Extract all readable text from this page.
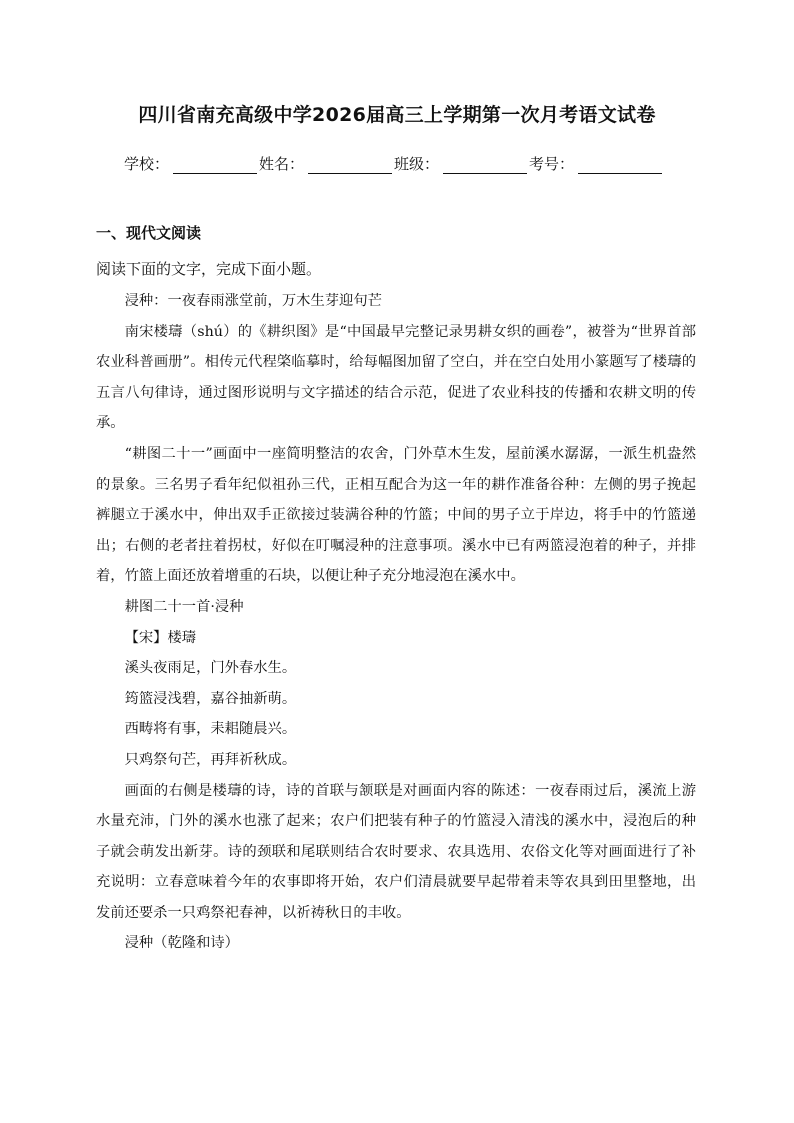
四川省南充高级中学2026届高三上学期第一次月考语文试卷
学校：	姓名：	班级：	考号：
一、现代文阅读
阅读下面的文字，完成下面小题。

浸种：一夜春雨涨堂前，万木生芽迎句芒

南宋楼璹（shú）的《耕织图》是“中国最早完整记录男耕女织的画卷”，被誉为“世界首部农业科普画册”。相传元代程棨临摹时，给每幅图加留了空白，并在空白处用小篆题写了楼璹的五言八句律诗，通过图形说明与文字描述的结合示范，促进了农业科技的传播和农耕文明的传承。

“耕图二十一”画面中一座简明整洁的农舍，门外草木生发，屋前溪水潺潺，一派生机盎然的景象。三名男子看年纪似祖孙三代，正相互配合为这一年的耕作准备谷种：左侧的男子挽起裤腿立于溪水中，伸出双手正欲接过装满谷种的竹篮；中间的男子立于岸边，将手中的竹篮递出；右侧的老者拄着拐杖，好似在叮嘱浸种的注意事项。溪水中已有两篮浸泡着的种子，并排着，竹篮上面还放着增重的石块，以便让种子充分地浸泡在溪水中。

耕图二十一首·浸种

【宋】楼璹

溪头夜雨足，门外春水生。

筠篮浸浅碧，嘉谷抽新萌。

西畴将有事，耒耜随晨兴。

只鸡祭句芒，再拜祈秋成。

画面的右侧是楼璹的诗，诗的首联与颔联是对画面内容的陈述：一夜春雨过后，溪流上游水量充沛，门外的溪水也涨了起来；农户们把装有种子的竹篮浸入清浅的溪水中，浸泡后的种子就会萌发出新芽。诗的颈联和尾联则结合农时要求、农具选用、农俗文化等对画面进行了补充说明：立春意味着今年的农事即将开始，农户们清晨就要早起带着耒等农具到田里整地，出发前还要杀一只鸡祭祀春神，以祈祷秋日的丰收。

浸种（乾隆和诗）
